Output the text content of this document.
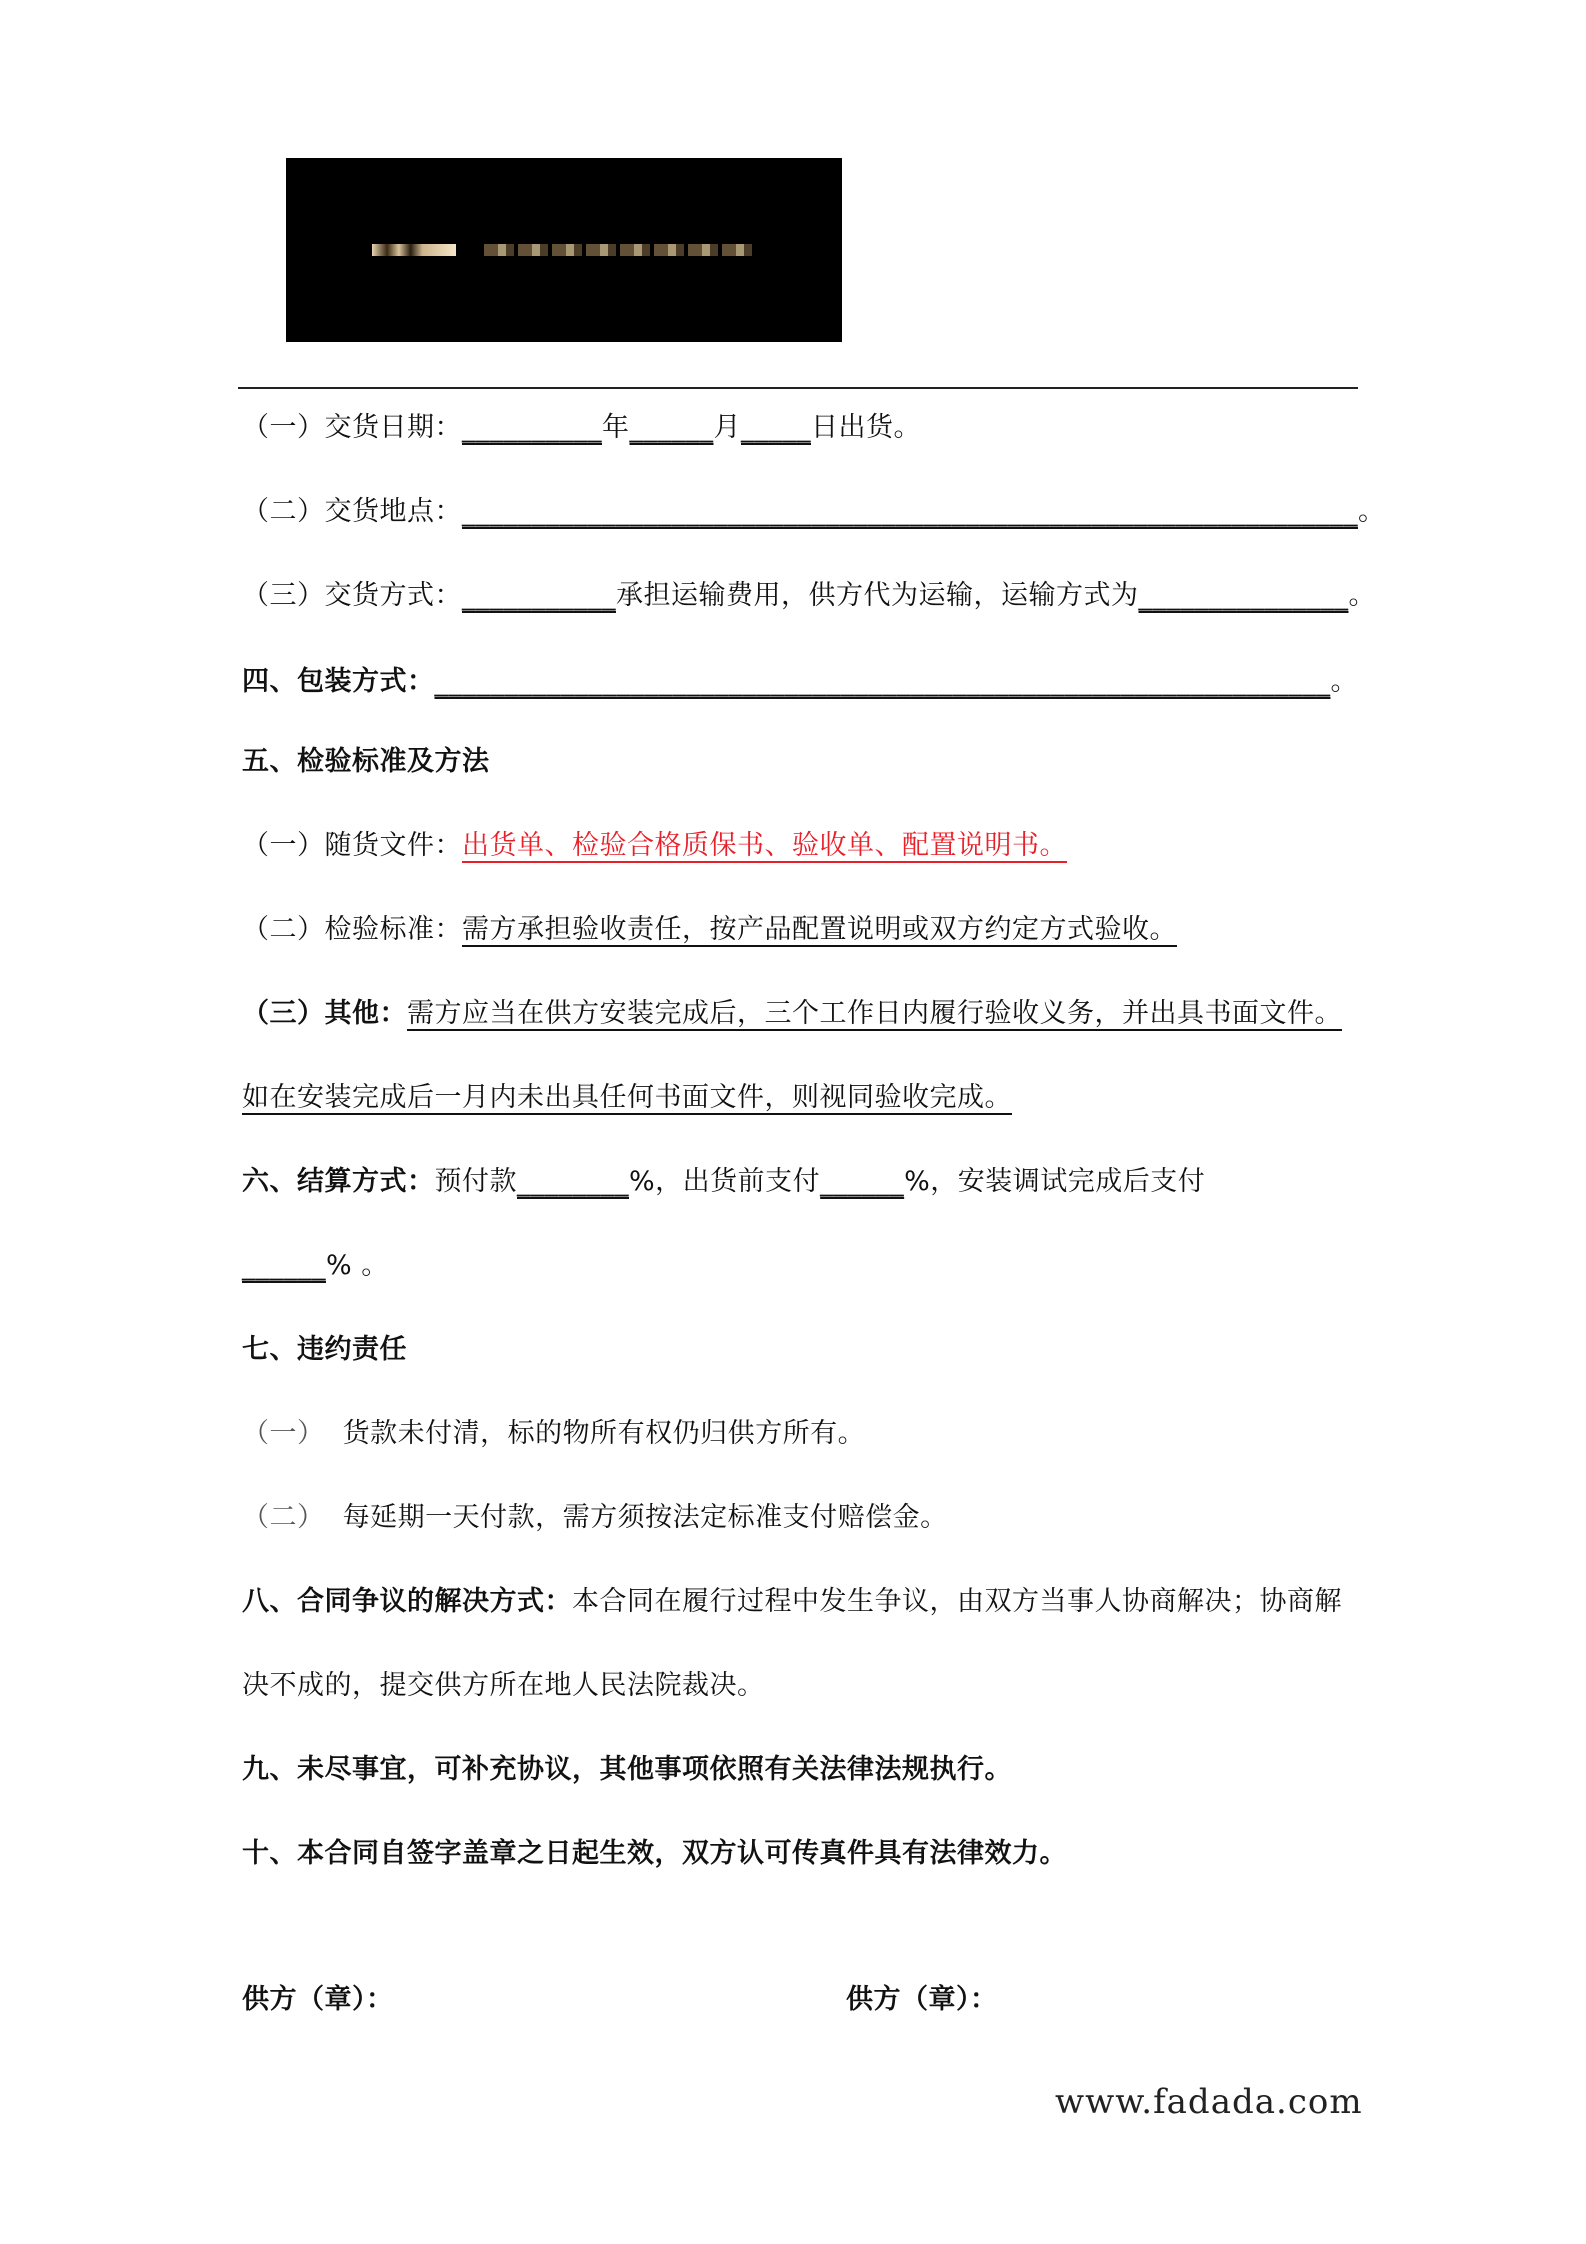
（一）交货日期：__________年______月_____日出货。
（二）交货地点：________________________________________________________________。
（三）交货方式：___________承担运输费用，供方代为运输，运输方式为_______________。
四、包装方式：________________________________________________________________。
五、检验标准及方法
（一）随货文件：出货单、检验合格质保书、验收单、配置说明书。
（二）检验标准：需方承担验收责任，按产品配置说明或双方约定方式验收。
（三）其他：需方应当在供方安装完成后，三个工作日内履行验收义务，并出具书面文件。
如在安装完成后一月内未出具任何书面文件，则视同验收完成。
六、结算方式：预付款________%，出货前支付______%，安装调试完成后支付
______% 。
七、违约责任
（一） 货款未付清，标的物所有权仍归供方所有。
（二） 每延期一天付款，需方须按法定标准支付赔偿金。
八、合同争议的解决方式：本合同在履行过程中发生争议，由双方当事人协商解决；协商解
决不成的，提交供方所在地人民法院裁决。
九、未尽事宜，可补充协议，其他事项依照有关法律法规执行。
十、本合同自签字盖章之日起生效，双方认可传真件具有法律效力。
供方（章）：	供方（章）：
www.fadada.com
